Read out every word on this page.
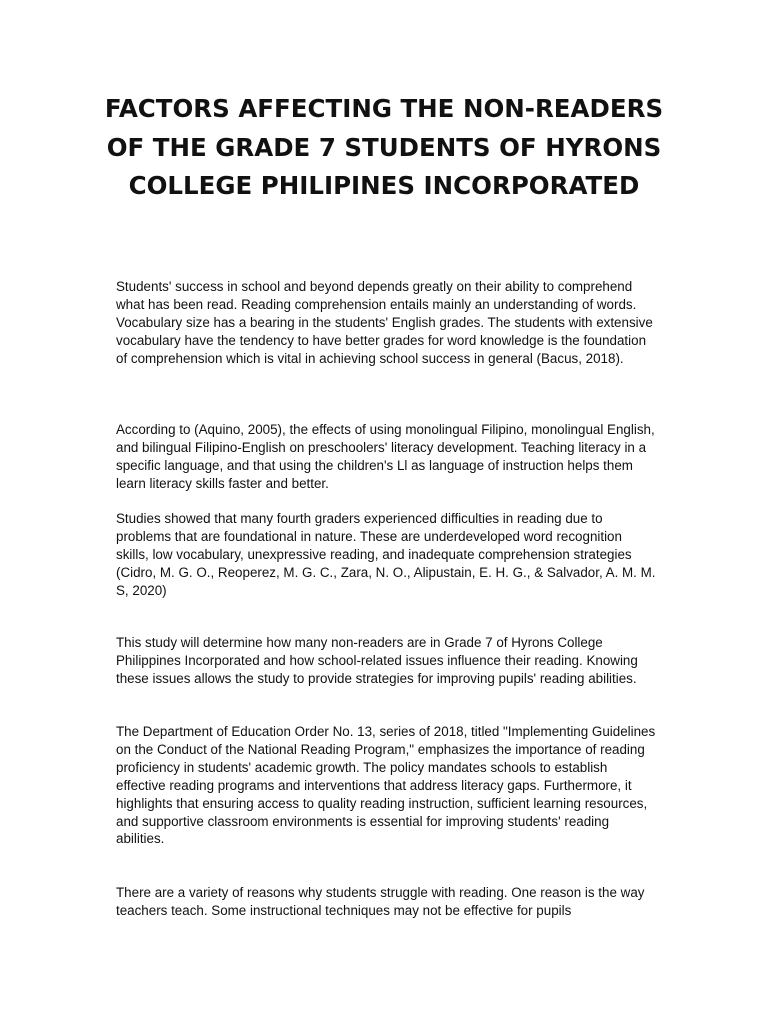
FACTORS AFFECTING THE NON-READERS OF THE GRADE 7 STUDENTS OF HYRONS COLLEGE PHILIPINES INCORPORATED

Students' success in school and beyond depends greatly on their ability to comprehend what has been read. Reading comprehension entails mainly an understanding of words. Vocabulary size has a bearing in the students' English grades. The students with extensive vocabulary have the tendency to have better grades for word knowledge is the foundation of comprehension which is vital in achieving school success in general (Bacus, 2018).

According to (Aquino, 2005), the effects of using monolingual Filipino, monolingual English, and bilingual Filipino-English on preschoolers' literacy development. Teaching literacy in a specific language, and that using the children's Ll as language of instruction helps them learn literacy skills faster and better.

Studies showed that many fourth graders experienced difficulties in reading due to problems that are foundational in nature. These are underdeveloped word recognition skills, low vocabulary, unexpressive reading, and inadequate comprehension strategies (Cidro, M. G. O., Reoperez, M. G. C., Zara, N. O., Alipustain, E. H. G., & Salvador, A. M. M. S, 2020)

This study will determine how many non-readers are in Grade 7 of Hyrons College Philippines Incorporated and how school-related issues influence their reading. Knowing these issues allows the study to provide strategies for improving pupils' reading abilities.

The Department of Education Order No. 13, series of 2018, titled "Implementing Guidelines on the Conduct of the National Reading Program," emphasizes the importance of reading proficiency in students' academic growth. The policy mandates schools to establish effective reading programs and interventions that address literacy gaps. Furthermore, it highlights that ensuring access to quality reading instruction, sufficient learning resources, and supportive classroom environments is essential for improving students' reading abilities.

There are a variety of reasons why students struggle with reading. One reason is the way teachers teach. Some instructional techniques may not be effective for pupils
